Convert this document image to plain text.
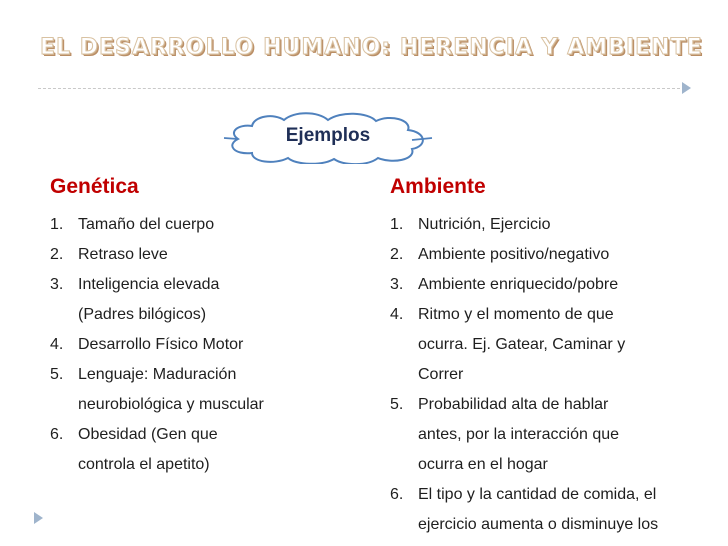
EL DESARROLLO HUMANO: HERENCIA Y AMBIENTE
Ejemplos
Genética	Ambiente
1. Tamaño del cuerpo
2. Retraso leve
3. Inteligencia elevada
(Padres bilógicos)
4. Desarrollo Físico Motor
5. Lenguaje: Maduración
neurobiológica y muscular
6. Obesidad (Gen que
controla el apetito)
1. Nutrición, Ejercicio
2. Ambiente positivo/negativo
3. Ambiente enriquecido/pobre
4. Ritmo y el momento de que
ocurra. Ej. Gatear, Caminar y
Correr
5. Probabilidad alta de hablar
antes, por la interacción que
ocurra en el hogar
6. El tipo y la cantidad de comida, el
ejercicio aumenta o disminuye los
